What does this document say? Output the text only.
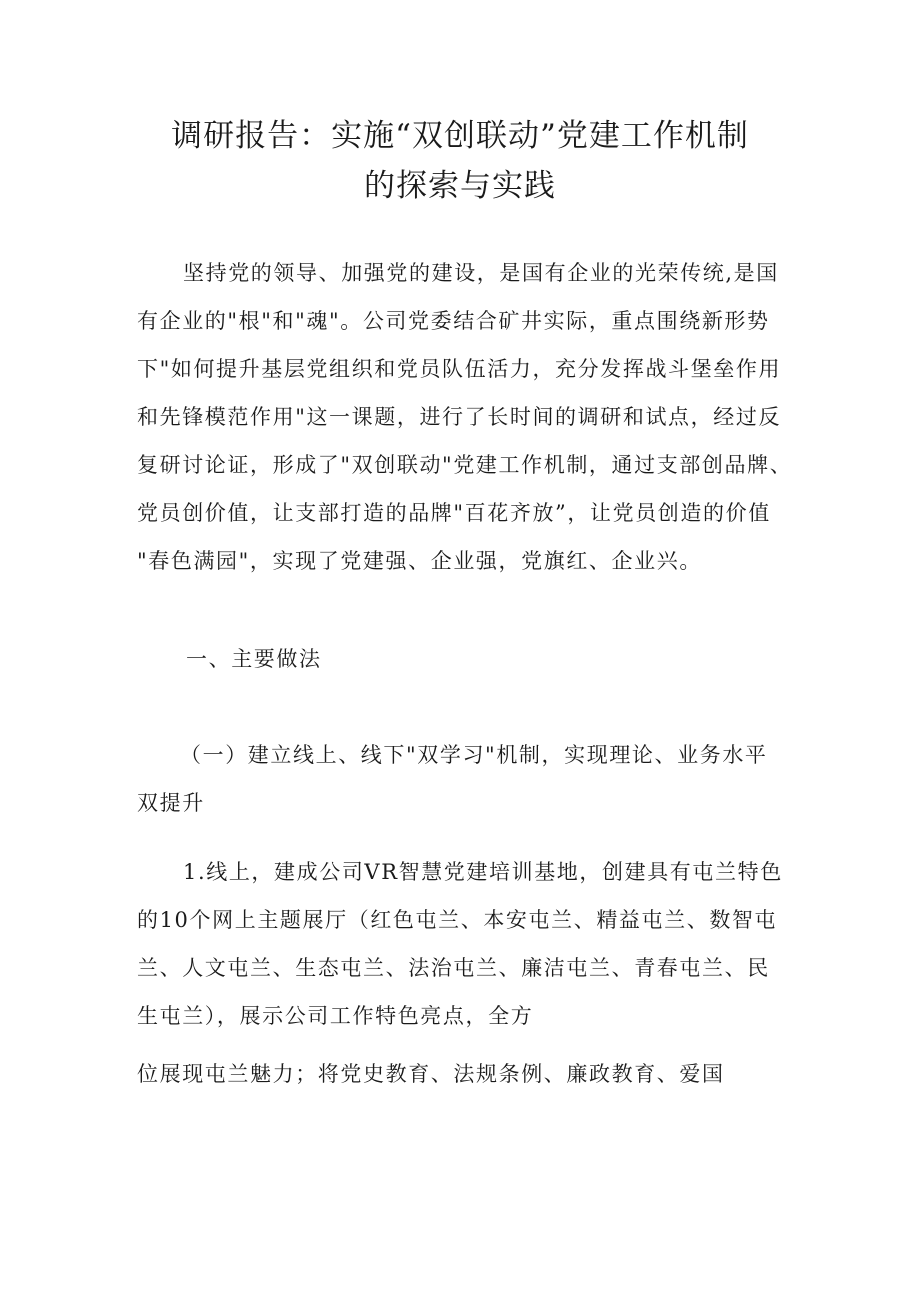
调研报告：实施“双创联动”党建工作机制
的探索与实践
坚持党的领导、加强党的建设，是国有企业的光荣传统,是国
有企业的"根"和"魂"。公司党委结合矿井实际，重点围绕新形势
下"如何提升基层党组织和党员队伍活力，充分发挥战斗堡垒作用
和先锋模范作用"这一课题，进行了长时间的调研和试点，经过反
复研讨论证，形成了"双创联动"党建工作机制，通过支部创品牌、
党员创价值，让支部打造的品牌"百花齐放”，让党员创造的价值
"春色满园"，实现了党建强、企业强，党旗红、企业兴。
一、主要做法
（一）建立线上、线下"双学习"机制，实现理论、业务水平
双提升
1.线上，建成公司VR智慧党建培训基地，创建具有屯兰特色
的10个网上主题展厅（红色屯兰、本安屯兰、精益屯兰、数智屯
兰、人文屯兰、生态屯兰、法治屯兰、廉洁屯兰、青春屯兰、民
生屯兰），展示公司工作特色亮点，全方
位展现屯兰魅力；将党史教育、法规条例、廉政教育、爱国
